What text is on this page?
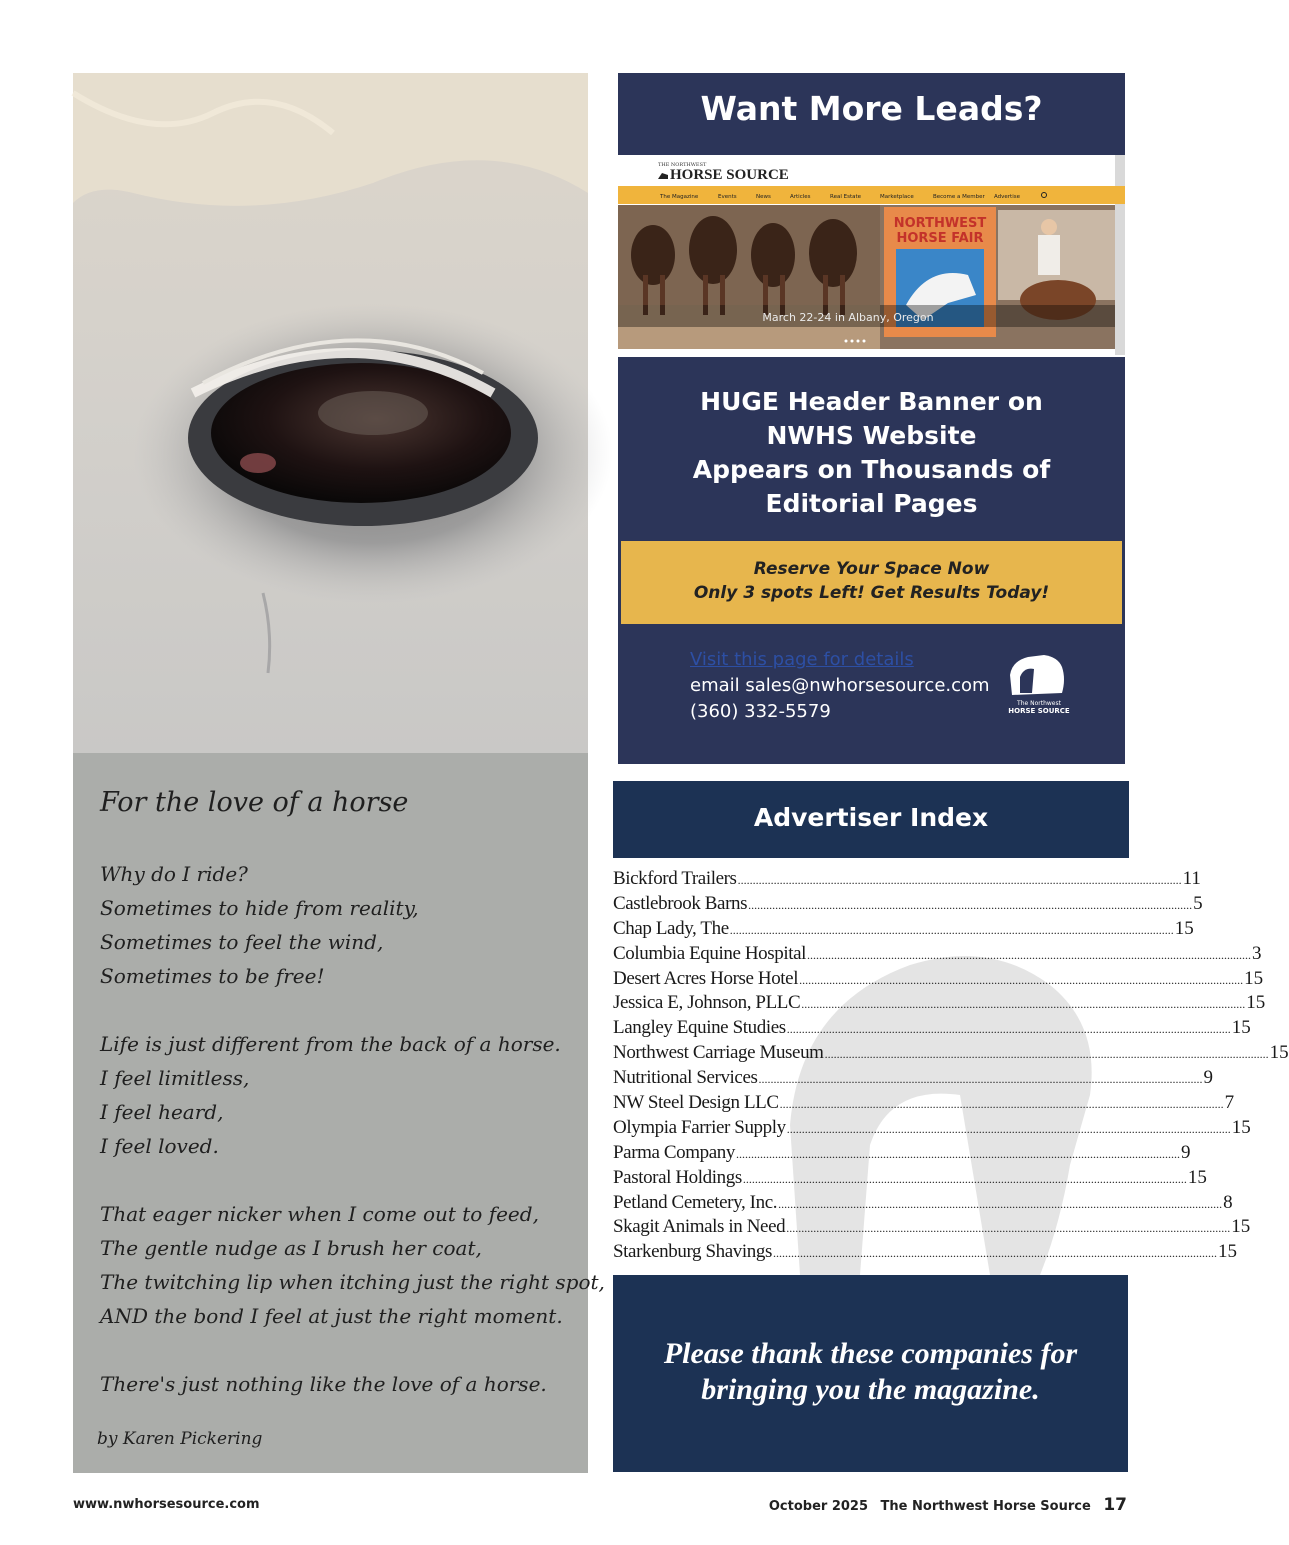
For the love of a horse
Why do I ride?
Sometimes to hide from reality,
Sometimes to feel the wind,
Sometimes to be free!
Life is just different from the back of a horse.
I feel limitless,
I feel heard,
I feel loved.
That eager nicker when I come out to feed,
The gentle nudge as I brush her coat,
The twitching lip when itching just the right spot,
AND the bond I feel at just the right moment.
There's just nothing like the love of a horse.
by Karen Pickering
Want More Leads?
THE NORTHWEST
HORSE SOURCE
The Magazine	Events	News	Articles	Real Estate	Marketplace	Become a Member Advertise
NORTHWEST
HORSE FAIR
March 22-24 in Albany, Oregon
HUGE Header Banner on
NWHS Website
Appears on Thousands of
Editorial Pages
Reserve Your Space Now
Only 3 spots Left! Get Results Today!
Visit this page for details
email sales@nwhorsesource.com
(360) 332-5579	The Northwest
HORSE SOURCE
Advertiser Index
Bickford Trailers .................................................................................................................................................... 11
Castlebrook Barns .................................................................................................................................................... 5
Chap Lady, The .................................................................................................................................................... 15
Columbia Equine Hospital .................................................................................................................................................... 3
Desert Acres Horse Hotel .................................................................................................................................................... 15
Jessica E, Johnson, PLLC .................................................................................................................................................... 15
Langley Equine Studies .................................................................................................................................................... 15
Northwest Carriage Museum .................................................................................................................................................... 15
Nutritional Services .................................................................................................................................................... 9
NW Steel Design LLC .................................................................................................................................................... 7
Olympia Farrier Supply .................................................................................................................................................... 15
Parma Company .................................................................................................................................................... 9
Pastoral Holdings .................................................................................................................................................... 15
Petland Cemetery, Inc. .................................................................................................................................................... 8
Skagit Animals in Need .................................................................................................................................................... 15
Starkenburg Shavings .................................................................................................................................................... 15
Please thank these companies for
bringing you the magazine.
www.nwhorsesource.com	October 2025 The Northwest Horse Source 17
